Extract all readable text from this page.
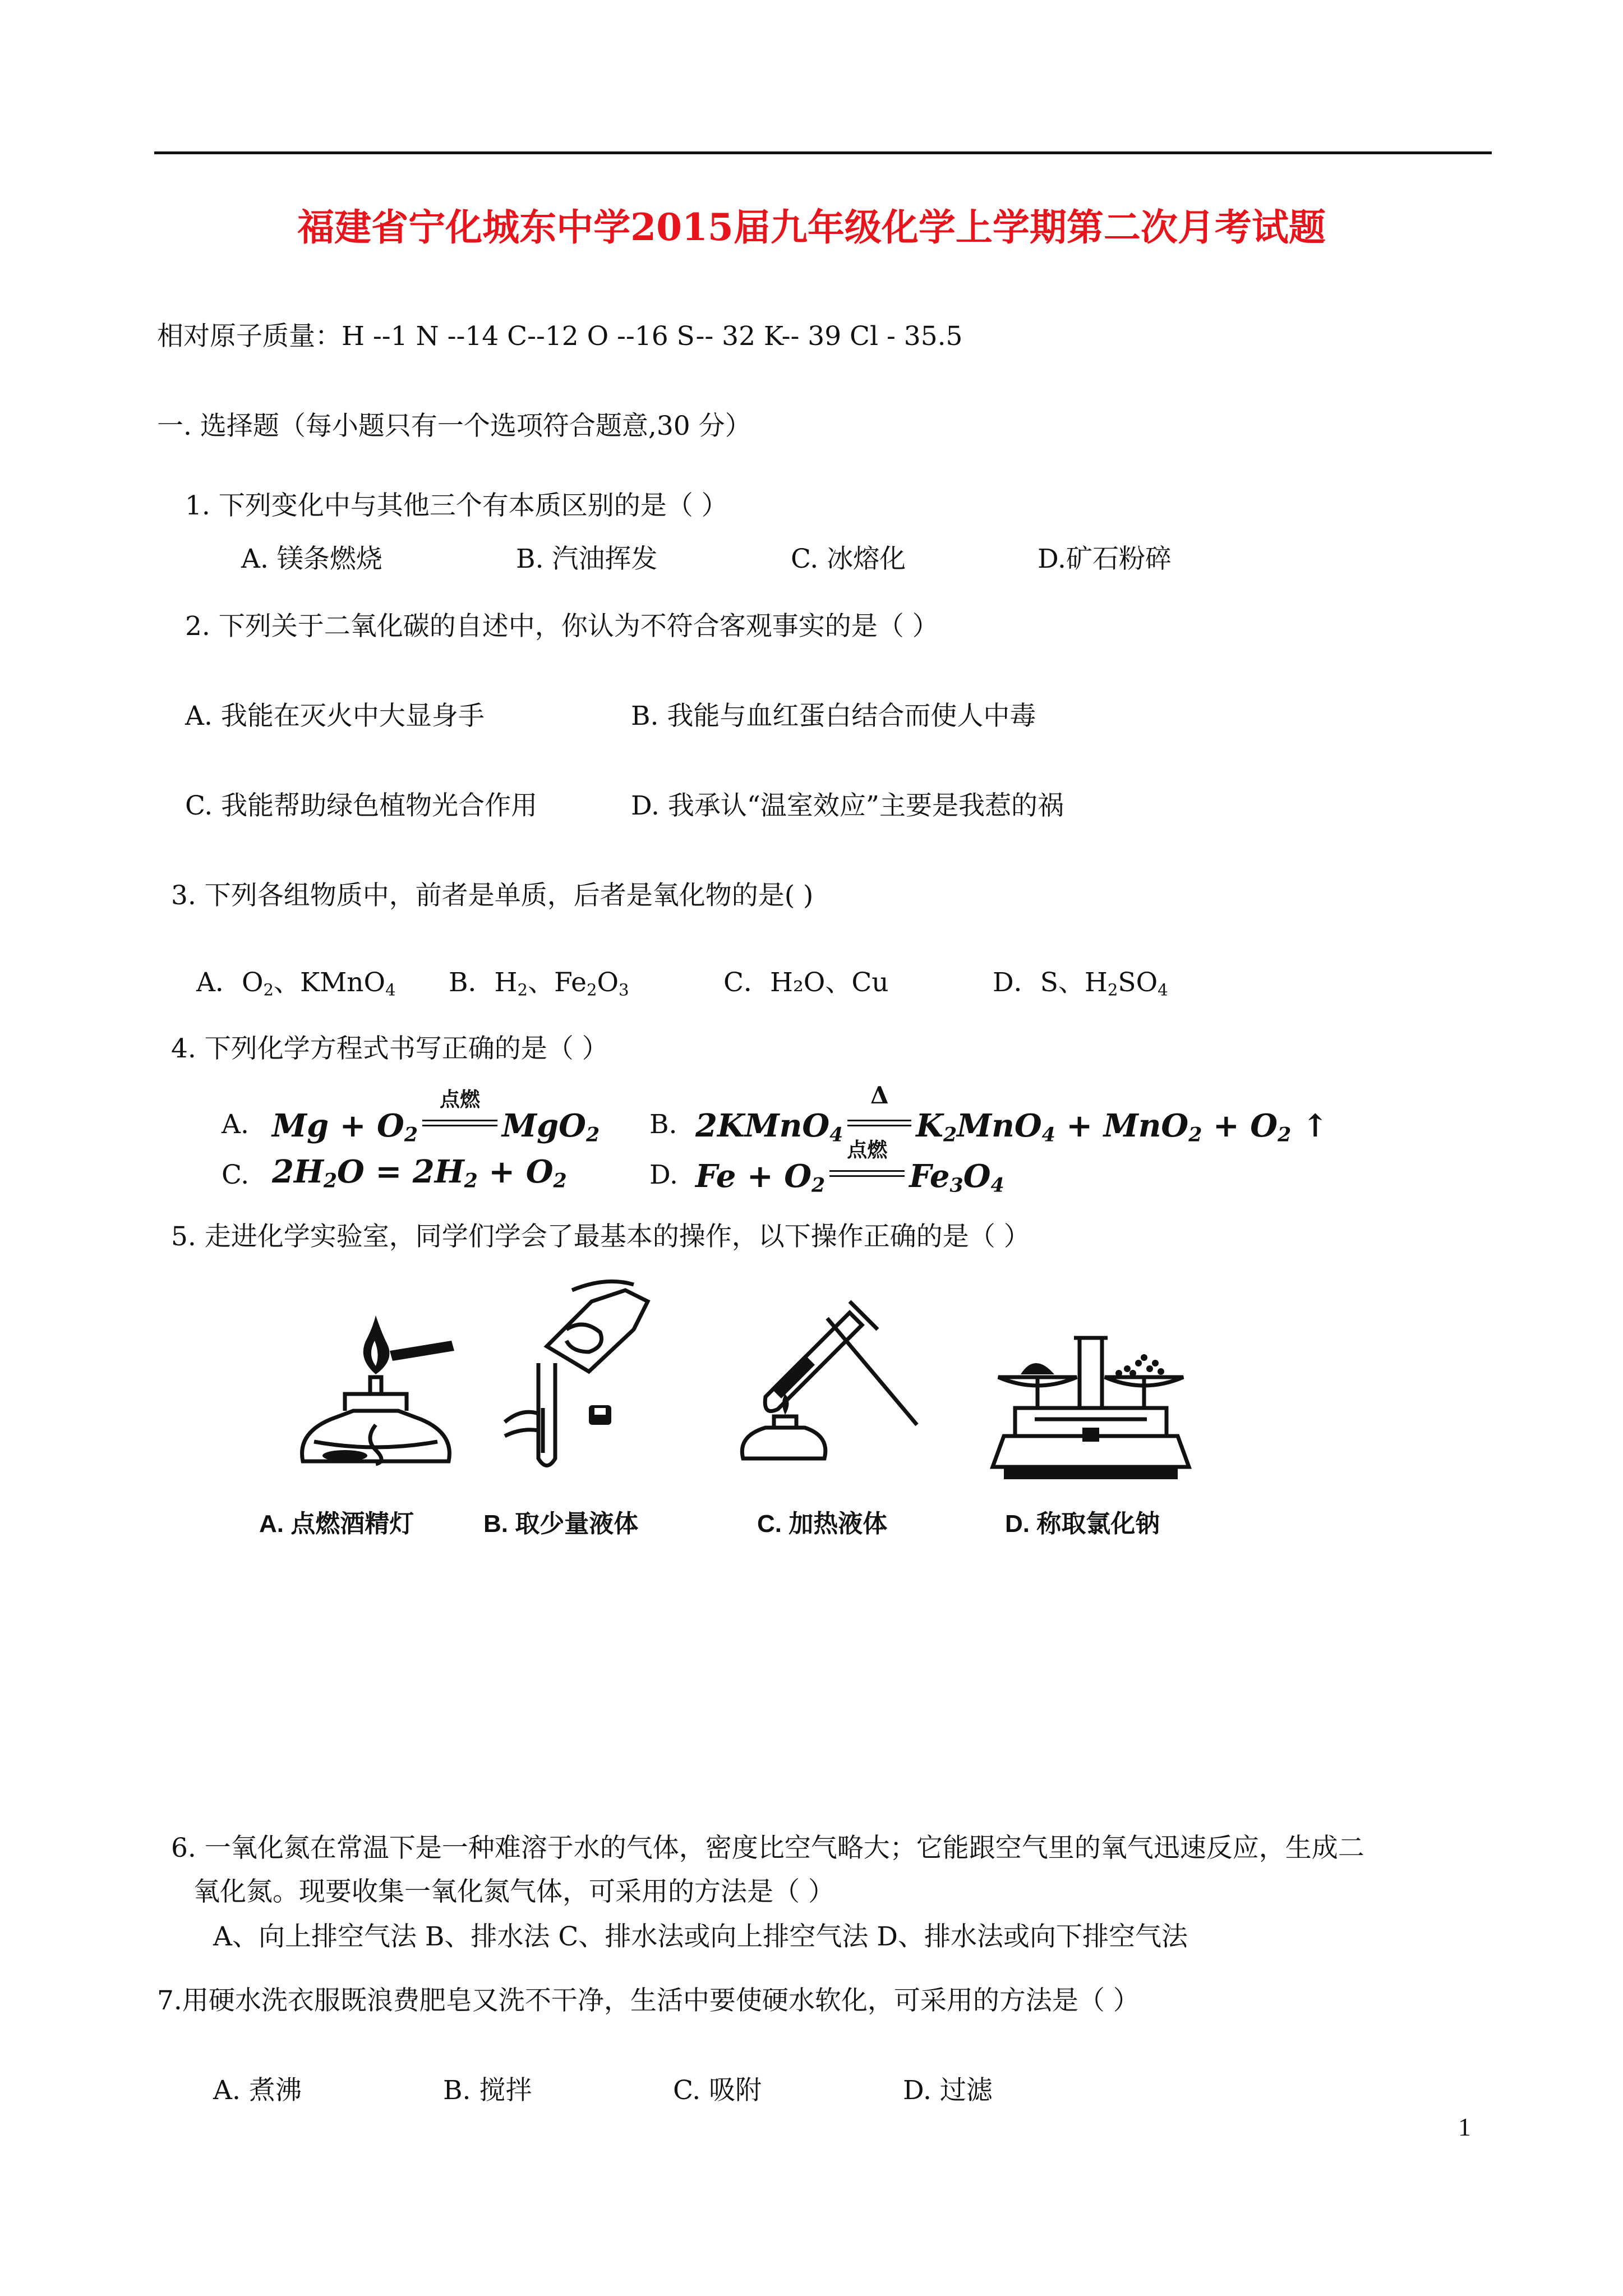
福建省宁化城东中学2015届九年级化学上学期第二次月考试题
相对原子质量：H --1 N --14 C--12 O --16 S-- 32 K-- 39 Cl - 35.5
一. 选择题（每小题只有一个选项符合题意,30 分）
1. 下列变化中与其他三个有本质区别的是（ ）
A. 镁条燃烧	B. 汽油挥发	C. 冰熔化	D.矿石粉碎
2. 下列关于二氧化碳的自述中，你认为不符合客观事实的是（ ）
A. 我能在灭火中大显身手	B. 我能与血红蛋白结合而使人中毒
C. 我能帮助绿色植物光合作用	D. 我承认“温室效应”主要是我惹的祸
3. 下列各组物质中，前者是单质，后者是氧化物的是( )
A．$O_2$、KMnO$_4$ B．$H_2$、$Fe_2O_3$	C．H₂O、Cu	D．S、$H_2SO_4$
4. 下列化学方程式书写正确的是（ ）
A. $Mg + O_2$
点燃
MgO$_2$ B. 2KMnO$_4$
Δ
$K_2MnO_4 + MnO_2 + O_2$ ↑
C. $2H_2O = 2H_2 + O_2$	D. $Fe + O_2$
点燃
$Fe_3O_4$
5. 走进化学实验室，同学们学会了最基本的操作，以下操作正确的是（ ）
A. 点燃酒精灯	B. 取少量液体	C. 加热液体	D. 称取氯化钠
6. 一氧化氮在常温下是一种难溶于水的气体，密度比空气略大；它能跟空气里的氧气迅速反应，生成二
氧化氮。现要收集一氧化氮气体，可采用的方法是（ ）
A、向上排空气法 B、排水法 C、排水法或向上排空气法 D、排水法或向下排空气法
7.用硬水洗衣服既浪费肥皂又洗不干净，生活中要使硬水软化，可采用的方法是（ ）
A. 煮沸	B. 搅拌	C. 吸附	D. 过滤
1
